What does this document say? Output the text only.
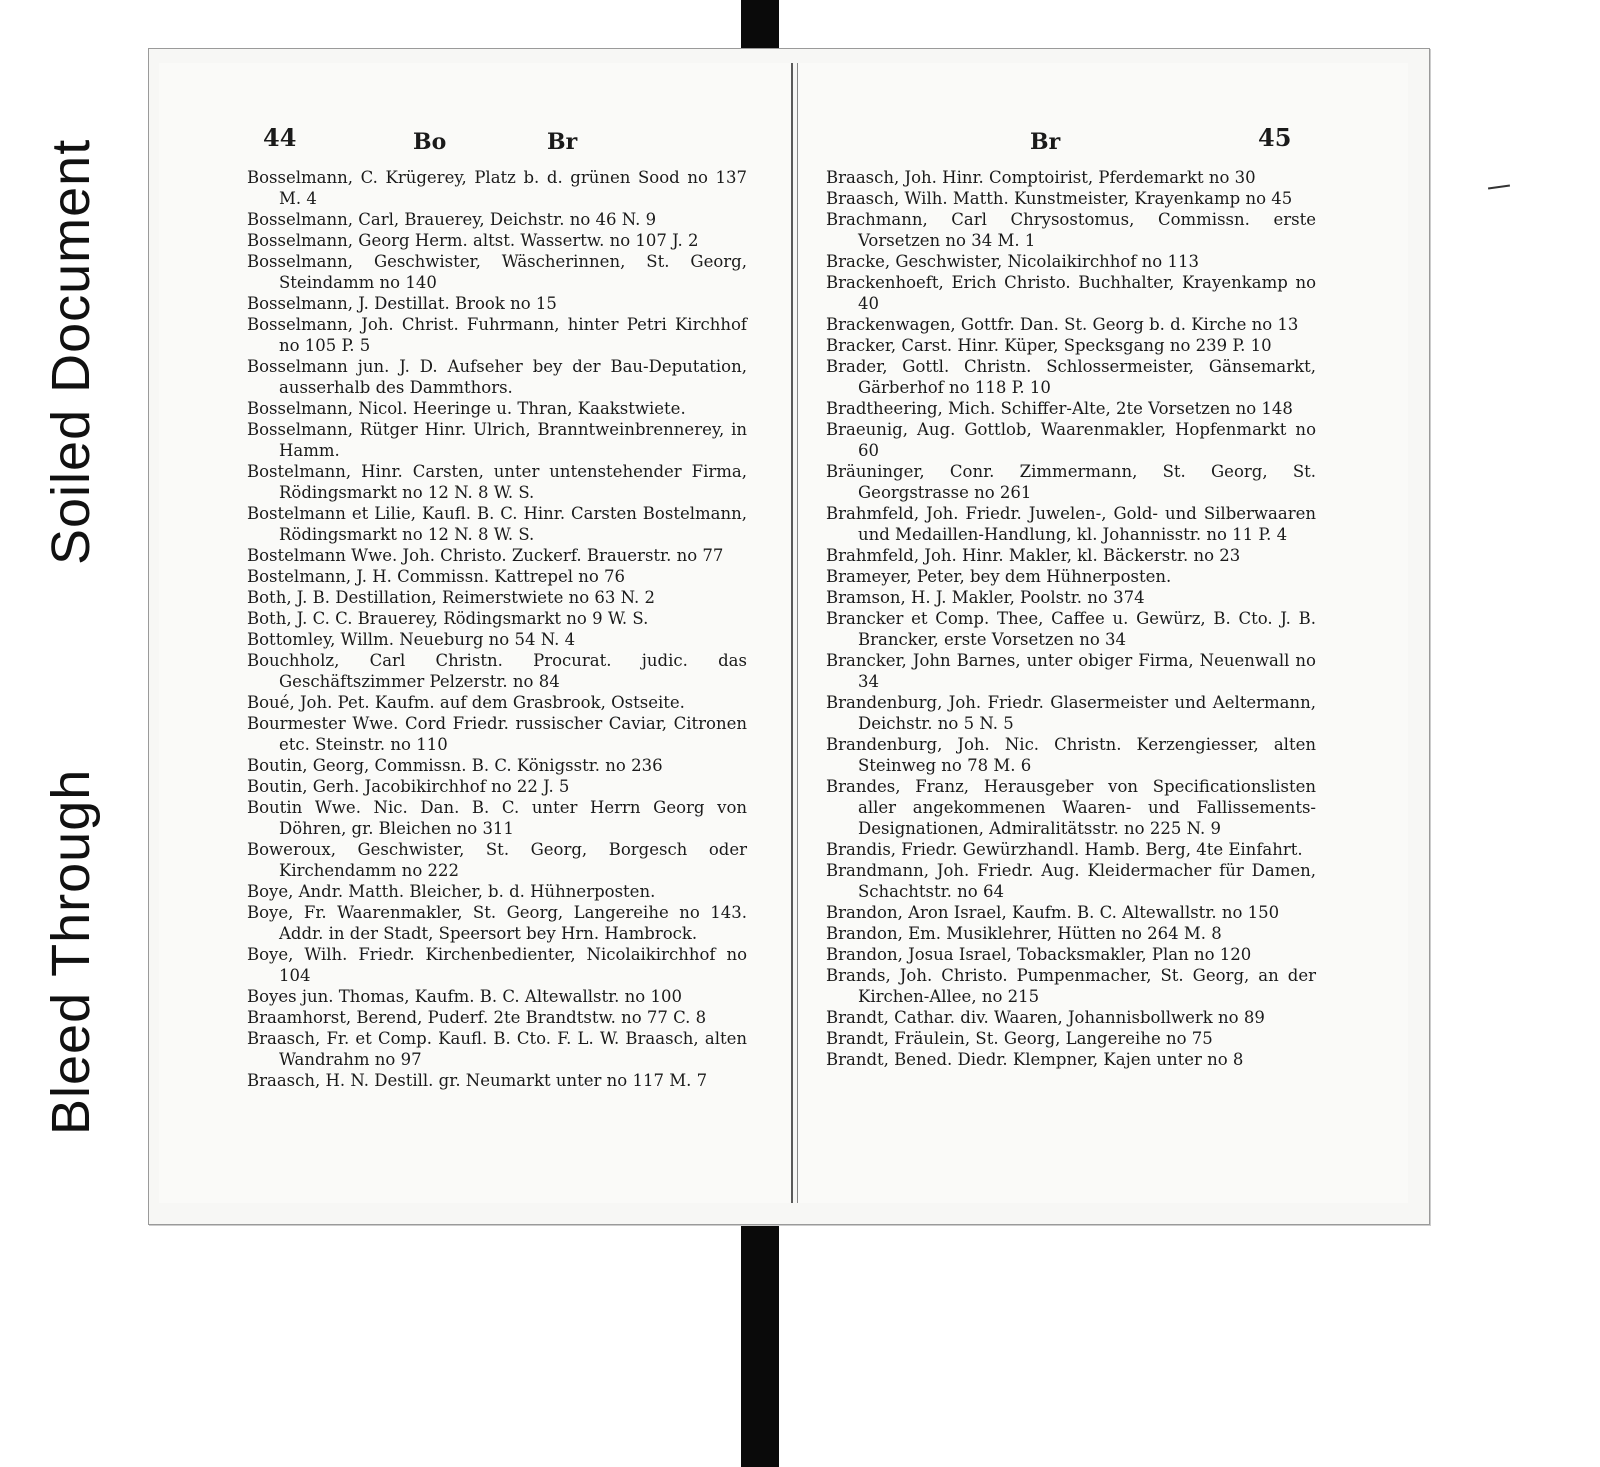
Soiled Document
Bleed Through
44	Bo	Br
Bosselmann, C. Krügerey, Platz b. d. grünen Sood no 137 M. 4
Bosselmann, Carl, Brauerey, Deichstr. no 46 N. 9
Bosselmann, Georg Herm. altst. Wassertw. no 107 J. 2
Bosselmann, Geschwister, Wäscherinnen, St. Georg, Steindamm no 140
Bosselmann, J. Destillat. Brook no 15
Bosselmann, Joh. Christ. Fuhrmann, hinter Petri Kirchhof no 105 P. 5
Bosselmann jun. J. D. Aufseher bey der Bau-Deputation, ausserhalb des Dammthors.
Bosselmann, Nicol. Heeringe u. Thran, Kaakstwiete.
Bosselmann, Rütger Hinr. Ulrich, Branntweinbrennerey, in Hamm.
Bostelmann, Hinr. Carsten, unter untenstehender Firma, Rödingsmarkt no 12 N. 8 W. S.
Bostelmann et Lilie, Kaufl. B. C. Hinr. Carsten Bostelmann, Rödingsmarkt no 12 N. 8 W. S.
Bostelmann Wwe. Joh. Christo. Zuckerf. Brauerstr. no 77
Bostelmann, J. H. Commissn. Kattrepel no 76
Both, J. B. Destillation, Reimerstwiete no 63 N. 2
Both, J. C. C. Brauerey, Rödingsmarkt no 9 W. S.
Bottomley, Willm. Neueburg no 54 N. 4
Bouchholz, Carl Christn. Procurat. judic. das Geschäftszimmer Pelzerstr. no 84
Boué, Joh. Pet. Kaufm. auf dem Grasbrook, Ostseite.
Bourmester Wwe. Cord Friedr. russischer Caviar, Citronen etc. Steinstr. no 110
Boutin, Georg, Commissn. B. C. Königsstr. no 236
Boutin, Gerh. Jacobikirchhof no 22 J. 5
Boutin Wwe. Nic. Dan. B. C. unter Herrn Georg von Döhren, gr. Bleichen no 311
Boweroux, Geschwister, St. Georg, Borgesch oder Kirchendamm no 222
Boye, Andr. Matth. Bleicher, b. d. Hühnerposten.
Boye, Fr. Waarenmakler, St. Georg, Langereihe no 143. Addr. in der Stadt, Speersort bey Hrn. Hambrock.
Boye, Wilh. Friedr. Kirchenbedienter, Nicolaikirchhof no 104
Boyes jun. Thomas, Kaufm. B. C. Altewallstr. no 100
Braamhorst, Berend, Puderf. 2te Brandtstw. no 77 C. 8
Braasch, Fr. et Comp. Kaufl. B. Cto. F. L. W. Braasch, alten Wandrahm no 97
Braasch, H. N. Destill. gr. Neumarkt unter no 117 M. 7
Br	45
Braasch, Joh. Hinr. Comptoirist, Pferdemarkt no 30
Braasch, Wilh. Matth. Kunstmeister, Krayenkamp no 45
Brachmann, Carl Chrysostomus, Commissn. erste Vorsetzen no 34 M. 1
Bracke, Geschwister, Nicolaikirchhof no 113
Brackenhoeft, Erich Christo. Buchhalter, Krayenkamp no 40
Brackenwagen, Gottfr. Dan. St. Georg b. d. Kirche no 13
Bracker, Carst. Hinr. Küper, Specksgang no 239 P. 10
Brader, Gottl. Christn. Schlossermeister, Gänsemarkt, Gärberhof no 118 P. 10
Bradtheering, Mich. Schiffer-Alte, 2te Vorsetzen no 148
Braeunig, Aug. Gottlob, Waarenmakler, Hopfenmarkt no 60
Bräuninger, Conr. Zimmermann, St. Georg, St. Georgstrasse no 261
Brahmfeld, Joh. Friedr. Juwelen-, Gold- und Silberwaaren und Medaillen-Handlung, kl. Johannisstr. no 11 P. 4
Brahmfeld, Joh. Hinr. Makler, kl. Bäckerstr. no 23
Brameyer, Peter, bey dem Hühnerposten.
Bramson, H. J. Makler, Poolstr. no 374
Brancker et Comp. Thee, Caffee u. Gewürz, B. Cto. J. B. Brancker, erste Vorsetzen no 34
Brancker, John Barnes, unter obiger Firma, Neuenwall no 34
Brandenburg, Joh. Friedr. Glasermeister und Aeltermann, Deichstr. no 5 N. 5
Brandenburg, Joh. Nic. Christn. Kerzengiesser, alten Steinweg no 78 M. 6
Brandes, Franz, Herausgeber von Specificationslisten aller angekommenen Waaren- und Fallissements-Designationen, Admiralitätsstr. no 225 N. 9
Brandis, Friedr. Gewürzhandl. Hamb. Berg, 4te Einfahrt.
Brandmann, Joh. Friedr. Aug. Kleidermacher für Damen, Schachtstr. no 64
Brandon, Aron Israel, Kaufm. B. C. Altewallstr. no 150
Brandon, Em. Musiklehrer, Hütten no 264 M. 8
Brandon, Josua Israel, Tobacksmakler, Plan no 120
Brands, Joh. Christo. Pumpenmacher, St. Georg, an der Kirchen-Allee, no 215
Brandt, Cathar. div. Waaren, Johannisbollwerk no 89
Brandt, Fräulein, St. Georg, Langereihe no 75
Brandt, Bened. Diedr. Klempner, Kajen unter no 8
